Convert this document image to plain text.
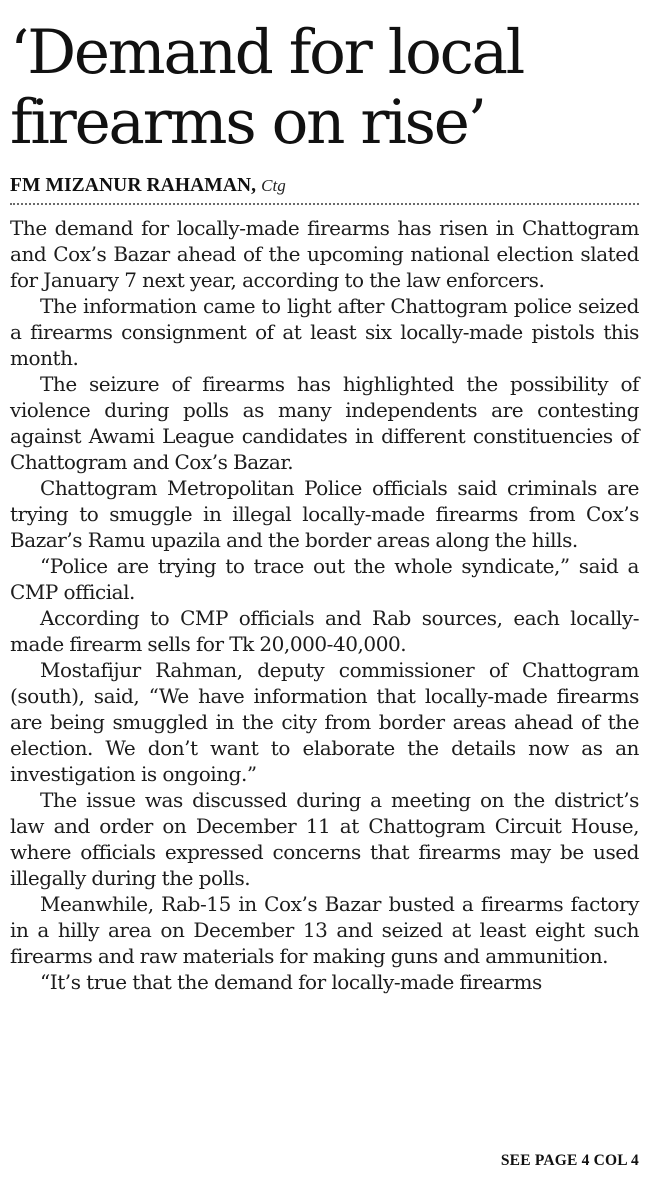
‘Demand for local
firearms on rise’
FM MIZANUR RAHAMAN, Ctg

The demand for locally-made firearms has risen in Chattogram and Cox’s Bazar ahead of the upcoming national election slated for January 7 next year, according to the law enforcers.

The information came to light after Chattogram police seized a firearms consignment of at least six locally-made pistols this month.

The seizure of firearms has highlighted the possibility of violence during polls as many independents are contesting against Awami League candidates in different constituencies of Chattogram and Cox’s Bazar.

Chattogram Metropolitan Police officials said criminals are trying to smuggle in illegal locally-made firearms from Cox’s Bazar’s Ramu upazila and the border areas along the hills.

“Police are trying to trace out the whole syndicate,” said a CMP official.

According to CMP officials and Rab sources, each locally-made firearm sells for Tk 20,000-40,000.

Mostafijur Rahman, deputy commissioner of Chattogram (south), said, “We have information that locally-made firearms are being smuggled in the city from border areas ahead of the election. We don’t want to elaborate the details now as an investigation is ongoing.”

The issue was discussed during a meeting on the district’s law and order on December 11 at Chattogram Circuit House, where officials expressed concerns that firearms may be used illegally during the polls.

Meanwhile, Rab-15 in Cox’s Bazar busted a firearms factory in a hilly area on December 13 and seized at least eight such firearms and raw materials for making guns and ammunition.

“It’s true that the demand for locally-made firearms

SEE PAGE 4 COL 4
